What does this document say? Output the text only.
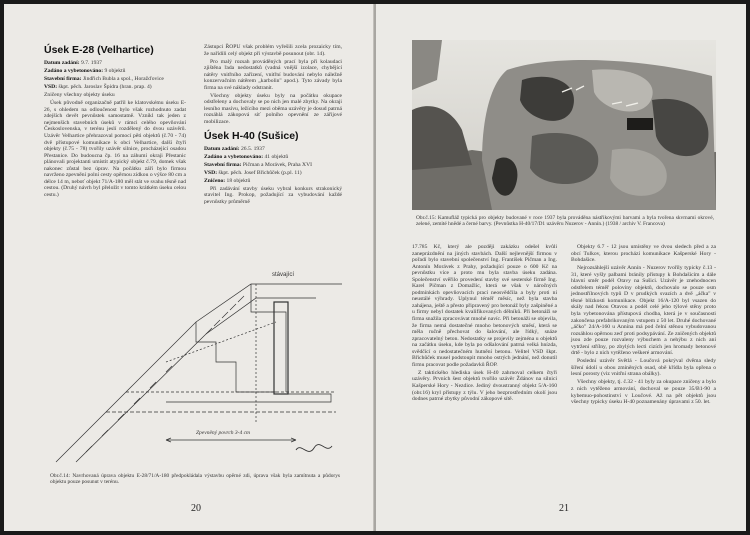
Úsek E-28 (Velhartice)

Datum zadání: 9.7. 1937

Zadáno a vybetonováno: 9 objektů

Stavební firma: Jindřich Bubla a spol., Horažďovice

VSD: škpt. pěch. Jaroslav Špidra (hran. prap. 4)

Zničeny všechny objekty úseku

Úsek původně organizačně patřil ke klatovskému úseku E-26, s ohledem na odloučenost bylo však rozhodnuto zadat zdejších devět pevnůstek samostatně. Vznikl tak jeden z nejmenších stavebních úseků v rámci celého opevňování Československa, v terénu jeslí rozdělený do dvou uzávěrů. Uzávěr Velhartice přehrazoval pomocí pěti objektů (č.70 - 74) dvě přístupové komunikace k obci Velhartice, další čtyři objekty (č.75 - 78) tvořily uzávěr silnice, procházející osadou Přestanice. Do budoucna čp. 16 na záhumí okraji Přestanic plánovali projektanti umístit atypický objekt č.79, domek však nakonec zůstal bez úprav. Na počátku září bylo firmou navrženo zpevnění polní cesty opěrnou zídkou o výšce 80 cm a délce 14 m, neboť objekt 71/A-180 měl stát ve svahu těsně nad cestou. (Druhý návrh byl přeložit v tomto krátkém úseku celou cestu.)

Zástupci ŘOPU však problém vyřešili zcela prozaicky tím, že nařídili celý objekt při výstavbě posunout (obr. 14).

Pro malý rozsah prováděných prací byla při kolaudaci zjištěna řada nedostatků (vadná vnější izolace, chybějící nátěry vnitřního zařízení, vnitřní budování nebylo náležně konzervačním nátěrem „karbolin" apod.). Tyto závady byla firma na své náklady odstranit.

Všechny objekty úseku byly na počátku okupace odstřeleny a dochovaly se po nich jen malé zbytky. Na okraji lesního masívu, ležícího mezi oběma uzávěry je dosud patrná rozsáhlá zákopová síť polního opevnění ze zářijové mobilizace.

Úsek H-40 (Sušice)

Datum zadání: 26.5. 1937

Zadáno a vybetonováno: 41 objektů

Stavební firma: Pičman a Morávek, Praha XVI

VSD: škpt. pěch. Josef Břichůček (p.pl. 11)

Zničeno: 18 objektů

Při zadávání stavby úseku vybral konkurs strakonický stavitel Ing. Prokop, požadující za vybudování každé pevnůstky průměrně

stávající
Zpevněný povrch 3-4 cm
Obr.č.14: Navrhovaná úprava objektu E-28/71/A-180 předpokládala výstavbu opěrné zdi, úprava však byla zamítnuta a půdorys objektu pouze posunut v terénu.
20
Obr.č.15: Kamufláž typická pro objekty budované v roce 1937 byla prováděna nástřikovými barvami a byla tvořena skvrnami okrové, zelené, zemité hnědé a černé barvy. (Pevnůstka H-40/17/D1 uzávěru Nuzerov - Annín.) (1938 / archiv V. Francova)

17.785 Kč, který ale později zakázku odešel kvůli zaneprázdnění na jiných stavbách. Další nejlevnější firmou v pořadí bylo stavební společenství Ing. František Pičman a Ing. Antonín Morávek z Prahy, požadující pouze o 600 Kč na pevnůstku více a proto mu byla stavba úseku zadána. Společenství svěřilo provedení stavby své sesterské firmě Ing. Karel Pičman z Domažlic, která se však v náročných podmínkách opevňovacích prací neosvědčila a byly proti ní neustálé výhrady. Uplynul téměř měsíc, než byla stavba zahájena, ještě a přesto připravený pro betonáž byly zašpiněné a u firmy nebyl dostatek kvalifikovaných dělníků. Při betonáži se firma snažila zpracovávat mnohé navíc. Při betonáži se objevila, že firma nemá dostatečné mnoho betonových směsí, která se měla ručně přechovat do šalování, ale řídký, snáze zpracovatelný beton. Nedostatky se projevily zejména u objektů na začátku úseku, kde byla po odšalování patrná velká hnízda, svědčící o nedostatečném hutnění betonu. Velitel VSD škpt. Břichůček musel podstoupit mnoho ostrých jednání, než donutil firmu pracovat podle požadavků ŘOP.

Z taktického hlediska úsek H-40 zahrnoval celkem čtyři uzávěry. Prvních šest objektů tvořilo uzávěr Ždánov na silnici Kašperské Hory - Nezdice. Jediný dvoustranný objekt 5/A-160 (obr.16) kryl přístupy z týlu. V jeho bezprostředním okolí jsou dodnes patrné zbytky původní zákopové sítě.

Objekty 6.7 - 12 jsou umístěny ve dvou sledech před a za obcí Tulkov, kterou prochází komunikace Kašperské Hory - Bohdašice.

Nejrozsáhlejší uzávěr Annín - Nuzerov tvořily typicky č.13 - 31, které vyšly palbami bránily přístupy k Bohdašicím a dále hlavní směr podél Otavy na Sušici. Uzávěr je znehodnocen odstřelem téměř poloviny objektů, dochovalo se pouze osm jednostřílnových typů D v prudkých svazích a dvě „áčka" v těsné blízkosti komunikace. Objekt 16/A-120 byl vsazen do skály nad řekou Otavou a podél celé jeho týlové stěny proto byla vybetonována přístupová chodba, která je v současnosti zakončena prefabrikovaným vstupem z 50 let. Druhé dochované „áčko" 24/A-160 u Annína má pod čelní stěnou vybudovanou rozsáhlou opěrnou zeď proti podsypávání. Ze zničených objektů jsou zde pouze rozvaleny výbuchem a nehýbu z nich ani vytržení střílny, po zbylých lecti cizích jen hromady betonové drtě - bylo z nich vytěženo veškeré armování.

Poslední uzávěr Světlá - Loučová pokrýval dvěma sledy šíření údolí u obou zmíněných osad, obě křídla byla opřena o lesní porosty (viz vnitřní strana obálky).

Všechny objekty, tj. č.32 - 41 byly za okupace zničeny a bylo z nich vytěženo armování, dochoval se pouze 35/B1-90 a kybemuo-pohostinství v Loučové. Až na pět objektů jsou všechny typicky úseku H-40 poznamenány úpravami z 50. let.

21
